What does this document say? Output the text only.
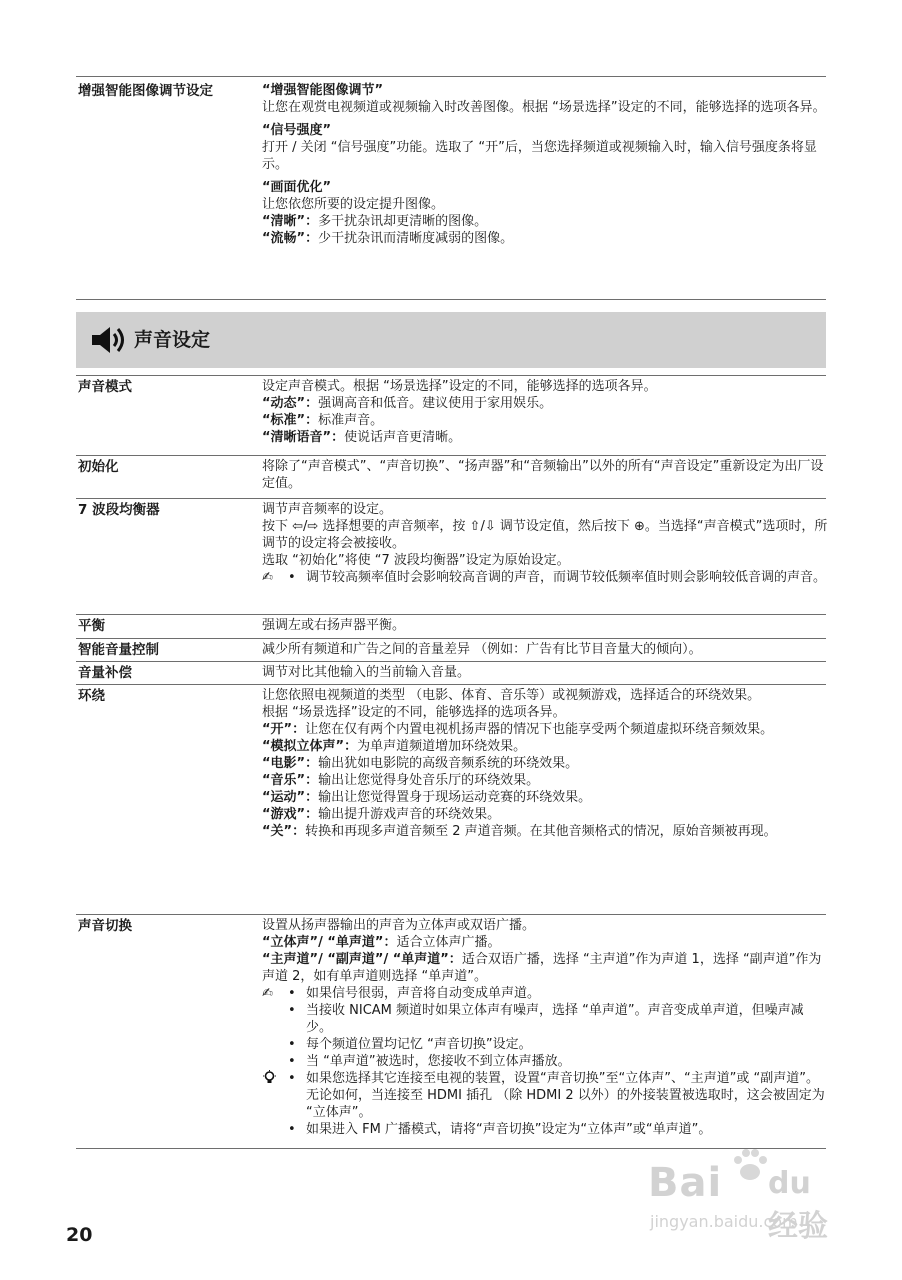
增强智能图像调节设定	“增强智能图像调节”

让您在观赏电视频道或视频输入时改善图像。根据 “场景选择”设定的不同，能够选择的选项各异。

“信号强度”

打开 / 关闭 “信号强度”功能。选取了 “开”后，当您选择频道或视频输入时，输入信号强度条将显示。

“画面优化”

让您依您所要的设定提升图像。

“清晰”：多干扰杂讯却更清晰的图像。

“流畅”：少干扰杂讯而清晰度减弱的图像。

声音设定
声音模式	设定声音模式。根据 “场景选择”设定的不同，能够选择的选项各异。

“动态”：强调高音和低音。建议使用于家用娱乐。

“标准”：标准声音。

“清晰语音”：使说话声音更清晰。

初始化	将除了“声音模式”、“声音切换”、“扬声器”和“音频输出”以外的所有“声音设定”重新设定为出厂设定值。

7 波段均衡器	调节声音频率的设定。

按下 ⇦/⇨ 选择想要的声音频率，按 ⇧/⇩ 调节设定值，然后按下 ⊕。当选择“声音模式”选项时，所调节的设定将会被接收。

选取 “初始化”将使 “7 波段均衡器”设定为原始设定。

✍ • 调节较高频率值时会影响较高音调的声音，而调节较低频率值时则会影响较低音调的声音。
平衡	强调左或右扬声器平衡。

智能音量控制	减少所有频道和广告之间的音量差异 （例如：广告有比节目音量大的倾向）。

音量补偿	调节对比其他输入的当前输入音量。

环绕	让您依照电视频道的类型 （电影、体育、音乐等）或视频游戏，选择适合的环绕效果。

根据 “场景选择”设定的不同，能够选择的选项各异。

“开”：让您在仅有两个内置电视机扬声器的情况下也能享受两个频道虚拟环绕音频效果。

“模拟立体声”：为单声道频道增加环绕效果。

“电影”：输出犹如电影院的高级音频系统的环绕效果。

“音乐”：输出让您觉得身处音乐厅的环绕效果。

“运动”：输出让您觉得置身于现场运动竞赛的环绕效果。

“游戏”：输出提升游戏声音的环绕效果。

“关”：转换和再现多声道音频至 2 声道音频。在其他音频格式的情况，原始音频被再现。

声音切换	设置从扬声器输出的声音为立体声或双语广播。

“立体声”/ “单声道”：适合立体声广播。

“主声道”/ “副声道”/ “单声道”：适合双语广播，选择 “主声道”作为声道 1，选择 “副声道”作为声道 2，如有单声道则选择 “单声道”。

✍ • 如果信号很弱，声音将自动变成单声道。
• 当接收 NICAM 频道时如果立体声有噪声，选择 “单声道”。声音变成单声道，但噪声减少。
• 每个频道位置均记忆 “声音切换”设定。
• 当 “单声道”被选时，您接收不到立体声播放。
• 如果您选择其它连接至电视的装置，设置“声音切换”至“立体声”、“主声道”或 “副声道”。无论如何，当连接至 HDMI 插孔 （除 HDMI 2 以外）的外接装置被选取时，这会被固定为 “立体声”。
• 如果进入 FM 广播模式，请将“声音切换”设定为“立体声”或“单声道”。
20
Bai du 经验
jingyan.baidu.com
